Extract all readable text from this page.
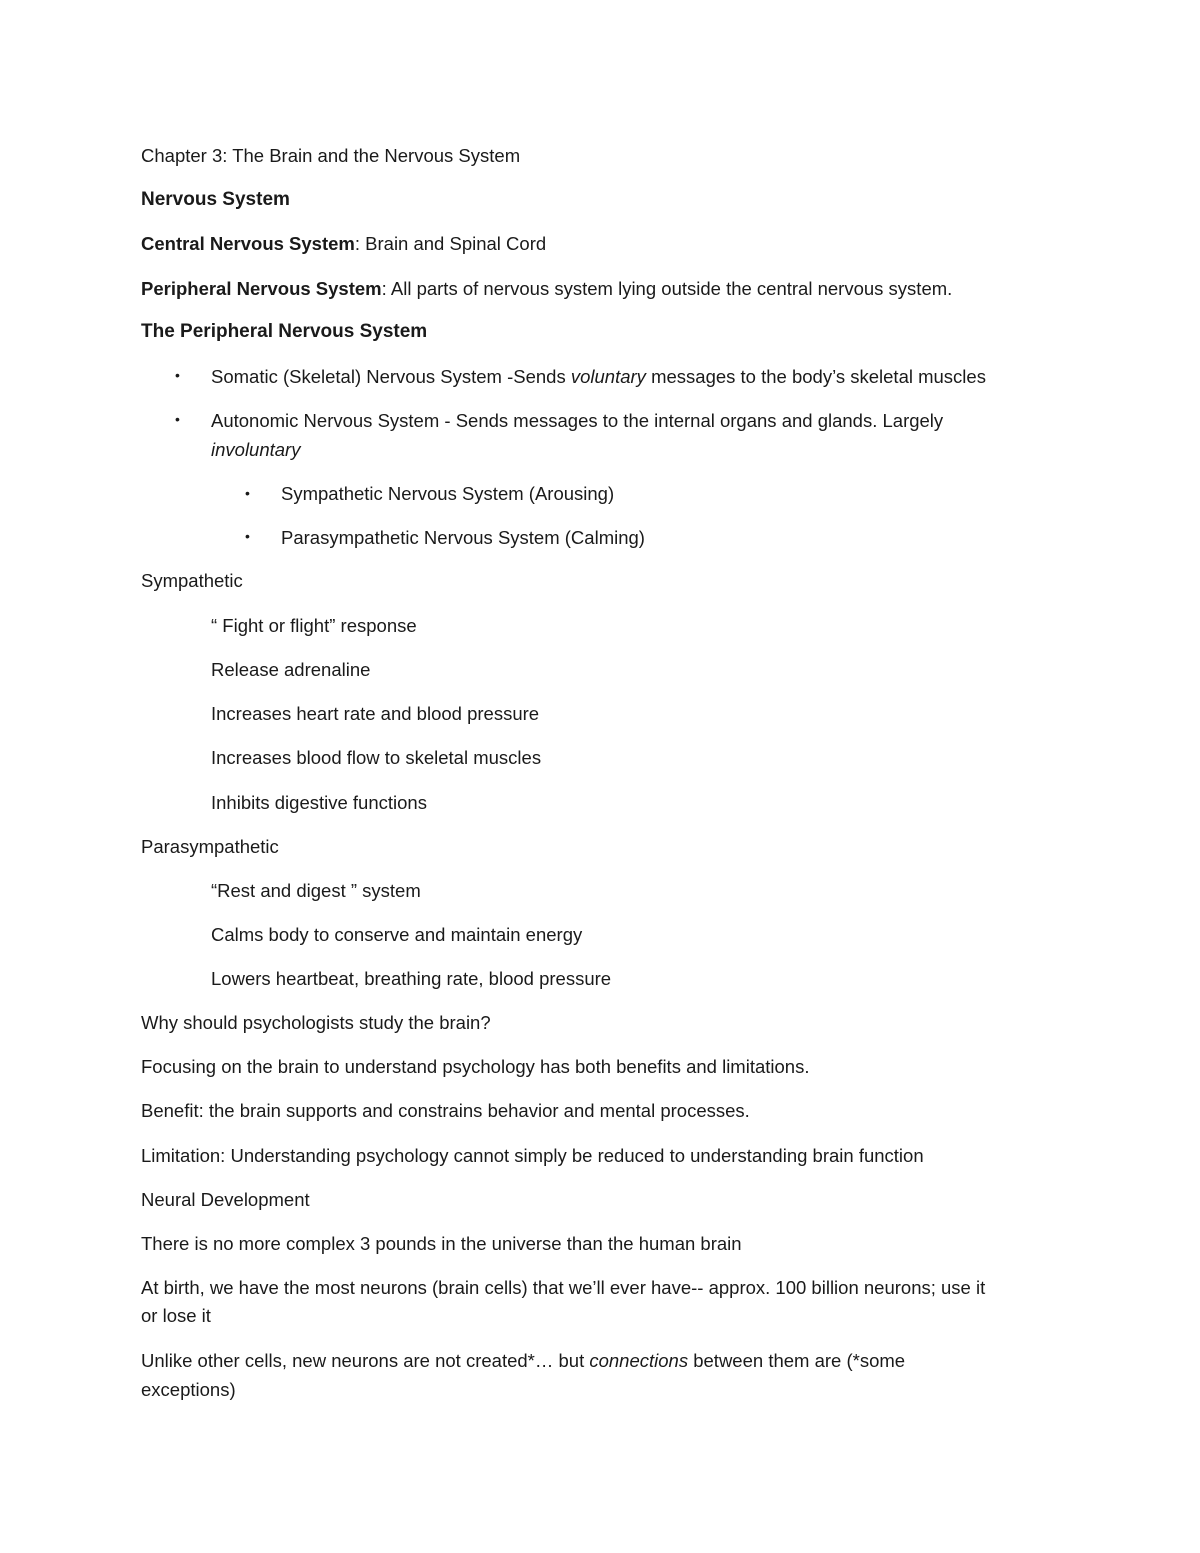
Chapter 3: The Brain and the Nervous System

Nervous System

Central Nervous System: Brain and Spinal Cord

Peripheral Nervous System: All parts of nervous system lying outside the central nervous system.

The Peripheral Nervous System

• Somatic (Skeletal) Nervous System -Sends voluntary messages to the body’s skeletal muscles

• Autonomic Nervous System - Sends messages to the internal organs and glands. Largely

involuntary

• Sympathetic Nervous System (Arousing)

• Parasympathetic Nervous System (Calming)

Sympathetic

“ Fight or flight” response

Release adrenaline

Increases heart rate and blood pressure

Increases blood flow to skeletal muscles

Inhibits digestive functions

Parasympathetic

“Rest and digest ” system

Calms body to conserve and maintain energy

Lowers heartbeat, breathing rate, blood pressure

Why should psychologists study the brain?

Focusing on the brain to understand psychology has both benefits and limitations.

Benefit: the brain supports and constrains behavior and mental processes.

Limitation: Understanding psychology cannot simply be reduced to understanding brain function

Neural Development

There is no more complex 3 pounds in the universe than the human brain

At birth, we have the most neurons (brain cells) that we’ll ever have-- approx. 100 billion neurons; use it

or lose it

Unlike other cells, new neurons are not created*… but connections between them are (*some

exceptions)
